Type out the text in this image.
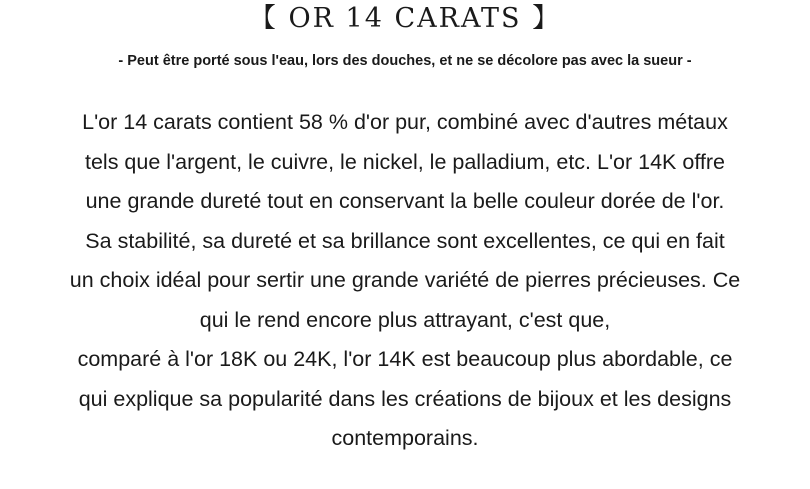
【 OR 14 CARATS 】
- Peut être porté sous l'eau, lors des douches, et ne se décolore pas avec la sueur -
L'or 14 carats contient 58 % d'or pur, combiné avec d'autres métaux
tels que l'argent, le cuivre, le nickel, le palladium, etc. L'or 14K offre
une grande dureté tout en conservant la belle couleur dorée de l'or.
Sa stabilité, sa dureté et sa brillance sont excellentes, ce qui en fait
un choix idéal pour sertir une grande variété de pierres précieuses. Ce
qui le rend encore plus attrayant, c'est que,
comparé à l'or 18K ou 24K, l'or 14K est beaucoup plus abordable, ce
qui explique sa popularité dans les créations de bijoux et les designs
contemporains.
